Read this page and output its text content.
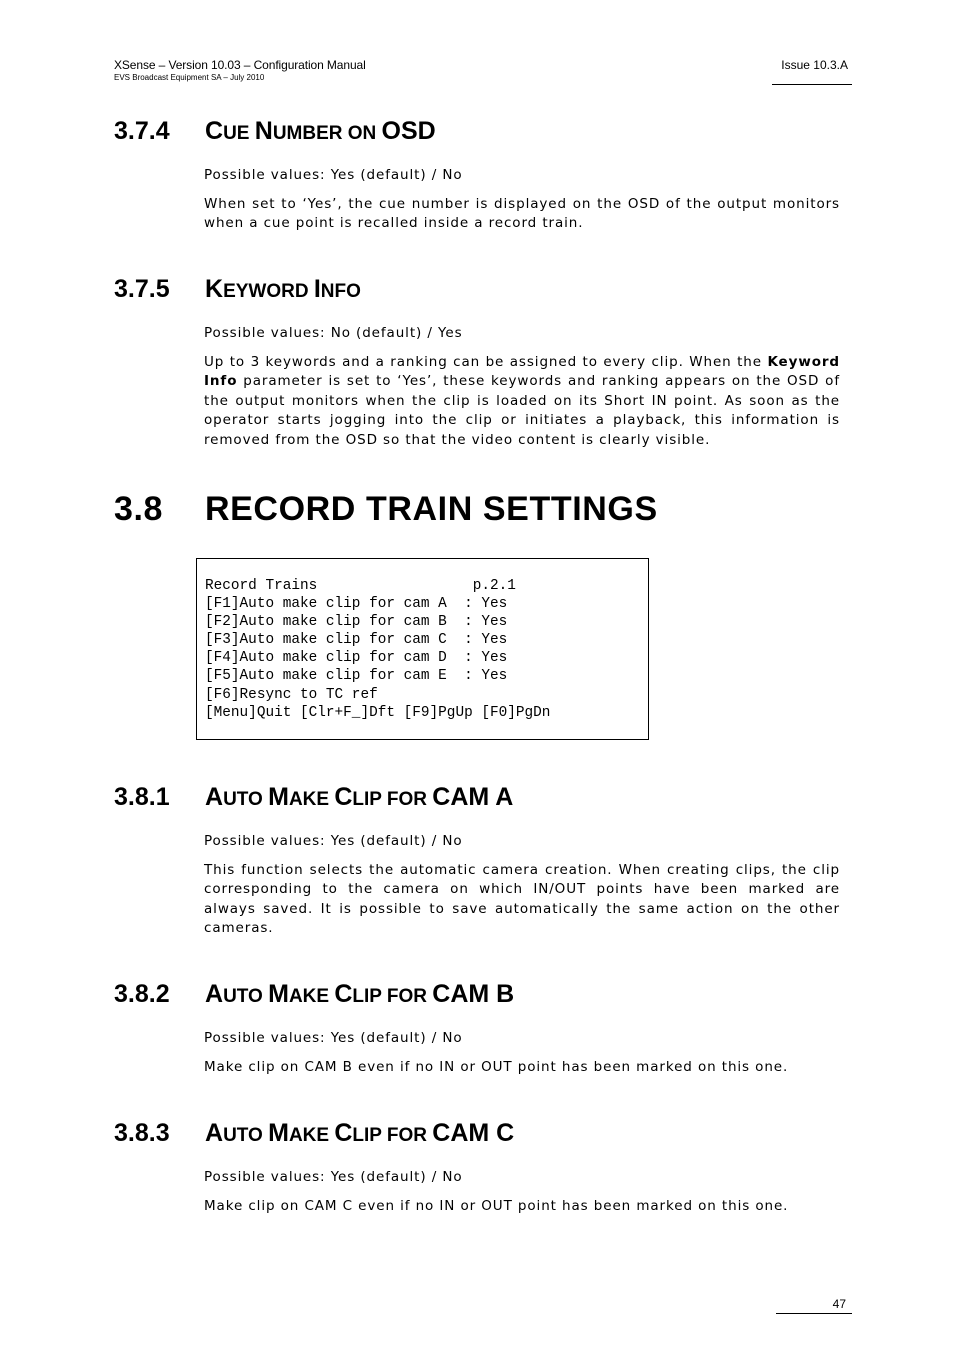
XSense – Version 10.03 – Configuration Manual
EVS Broadcast Equipment SA – July 2010
Issue 10.3.A
3.7.4	CUE NUMBER ON OSD
Possible values: Yes (default) / No
When set to ‘Yes’, the cue number is displayed on the OSD of the output monitors when a cue point is recalled inside a record train.
3.7.5	KEYWORD INFO
Possible values: No (default) / Yes
Up to 3 keywords and a ranking can be assigned to every clip. When the Keyword Info parameter is set to ‘Yes’, these keywords and ranking appears on the OSD of the output monitors when the clip is loaded on its Short IN point. As soon as the operator starts jogging into the clip or initiates a playback, this information is removed from the OSD so that the video content is clearly visible.
3.8	RECORD TRAIN SETTINGS
Record Trains                  p.2.1
[F1]Auto make clip for cam A  : Yes
[F2]Auto make clip for cam B  : Yes
[F3]Auto make clip for cam C  : Yes
[F4]Auto make clip for cam D  : Yes
[F5]Auto make clip for cam E  : Yes
[F6]Resync to TC ref
[Menu]Quit [Clr+F_]Dft [F9]PgUp [F0]PgDn
3.8.1	AUTO MAKE CLIP FOR CAM A
Possible values: Yes (default) / No
This function selects the automatic camera creation. When creating clips, the clip corresponding to the camera on which IN/OUT points have been marked are always saved. It is possible to save automatically the same action on the other cameras.
3.8.2	AUTO MAKE CLIP FOR CAM B
Possible values: Yes (default) / No
Make clip on CAM B even if no IN or OUT point has been marked on this one.
3.8.3	AUTO MAKE CLIP FOR CAM C
Possible values: Yes (default) / No
Make clip on CAM C even if no IN or OUT point has been marked on this one.
47
